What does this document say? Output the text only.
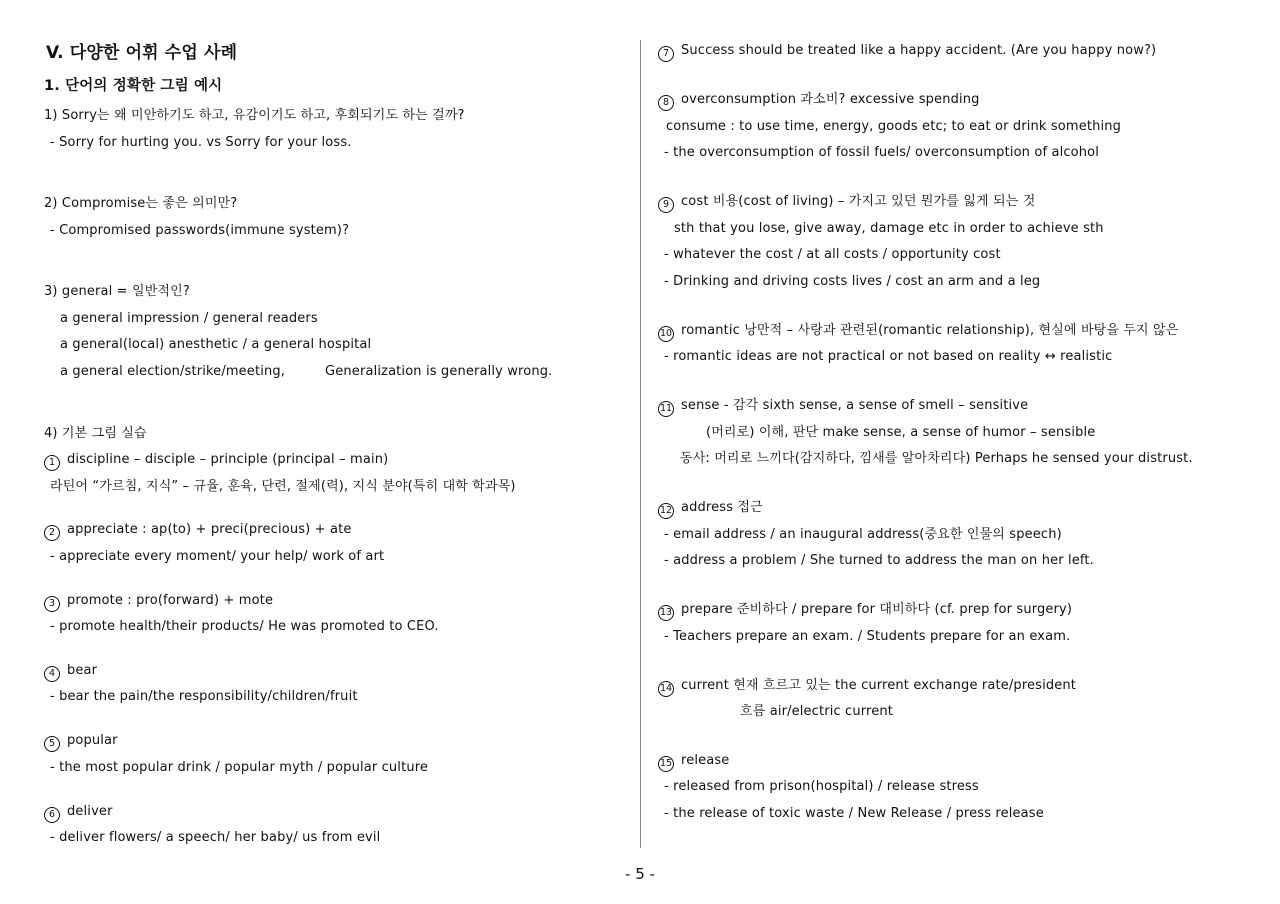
V. 다양한 어휘 수업 사례
1. 단어의 정확한 그림 예시
1) Sorry는 왜 미안하기도 하고, 유감이기도 하고, 후회되기도 하는 걸까?
- Sorry for hurting you. vs Sorry for your loss.
2) Compromise는 좋은 의미만?
- Compromised passwords(immune system)?
3) general = 일반적인?
a general impression / general readers
a general(local) anesthetic / a general hospital
a general election/strike/meeting,	Generalization is generally wrong.
4) 기본 그림 실습
1 discipline – disciple – principle (principal – main)
라틴어 “가르침, 지식” – 규율, 훈육, 단련, 절제(력), 지식 분야(특히 대학 학과목)
2 appreciate : ap(to) + preci(precious) + ate
- appreciate every moment/ your help/ work of art
3 promote : pro(forward) + mote
- promote health/their products/ He was promoted to CEO.
4 bear
- bear the pain/the responsibility/children/fruit
5 popular
- the most popular drink / popular myth / popular culture
6 deliver
- deliver flowers/ a speech/ her baby/ us from evil
7 Success should be treated like a happy accident. (Are you happy now?)
8 overconsumption 과소비? excessive spending
consume : to use time, energy, goods etc; to eat or drink something
- the overconsumption of fossil fuels/ overconsumption of alcohol
9 cost 비용(cost of living) – 가지고 있던 뭔가를 잃게 되는 것
sth that you lose, give away, damage etc in order to achieve sth
- whatever the cost / at all costs / opportunity cost
- Drinking and driving costs lives / cost an arm and a leg
10 romantic 낭만적 – 사랑과 관련된(romantic relationship), 현실에 바탕을 두지 않은
- romantic ideas are not practical or not based on reality ↔ realistic
11 sense - 감각 sixth sense, a sense of smell – sensitive
(머리로) 이해, 판단 make sense, a sense of humor – sensible
동사: 머리로 느끼다(감지하다, 낌새를 알아차리다) Perhaps he sensed your distrust.
12 address 접근
- email address / an inaugural address(중요한 인물의 speech)
- address a problem / She turned to address the man on her left.
13 prepare 준비하다 / prepare for 대비하다 (cf. prep for surgery)
- Teachers prepare an exam. / Students prepare for an exam.
14 current 현재 흐르고 있는 the current exchange rate/president
흐름 air/electric current
15 release
- released from prison(hospital) / release stress
- the release of toxic waste / New Release / press release
- 5 -
